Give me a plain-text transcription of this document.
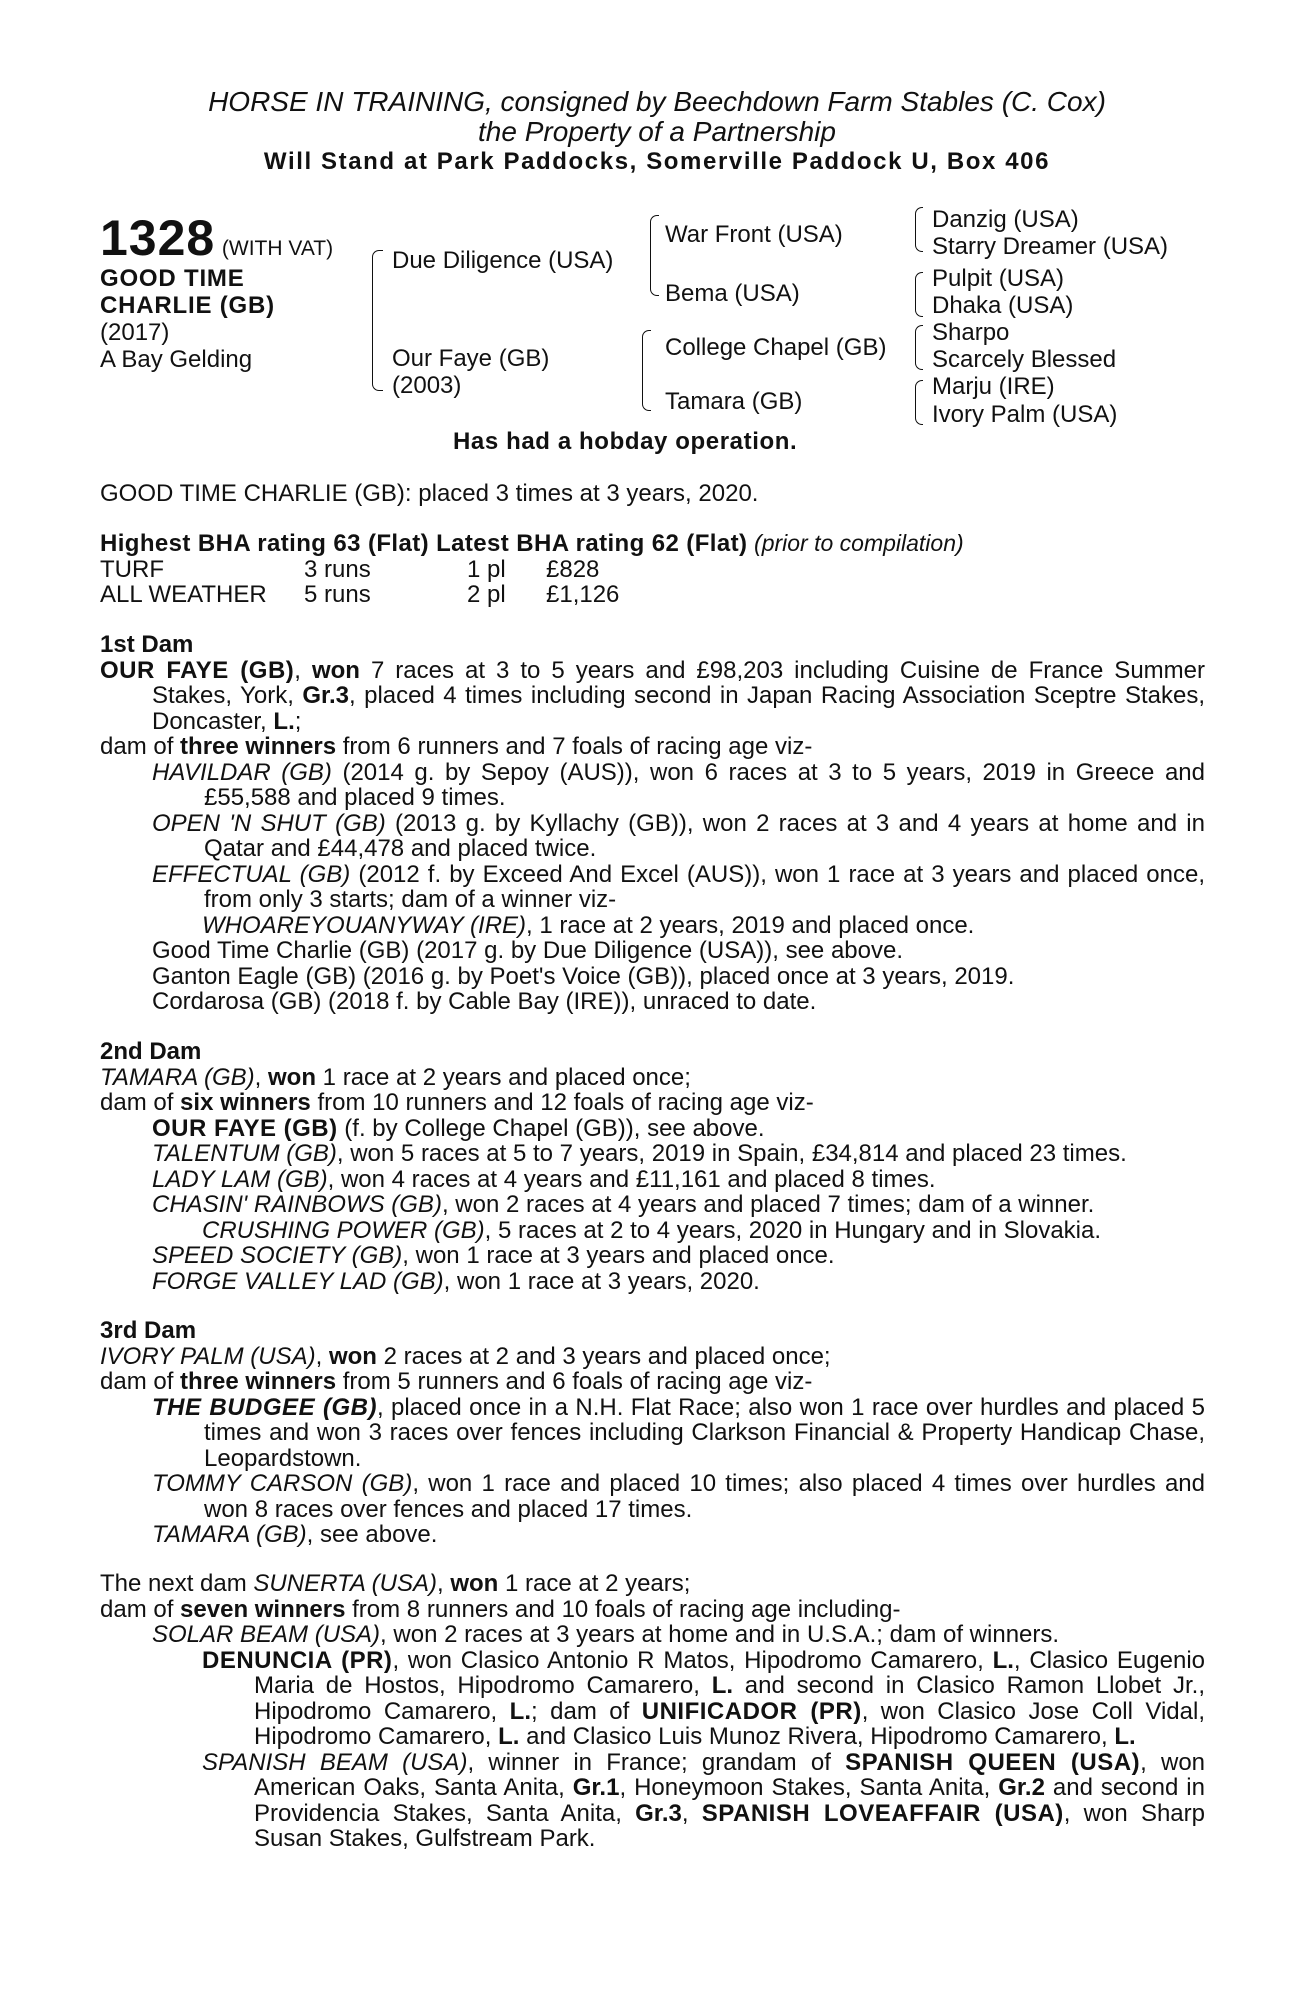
HORSE IN TRAINING, consigned by Beechdown Farm Stables (C. Cox)
the Property of a Partnership
Will Stand at Park Paddocks, Somerville Paddock U, Box 406
1328 (WITH VAT)
GOOD TIME
CHARLIE (GB)
(2017)
A Bay Gelding
Due Diligence (USA)
Our Faye (GB)
(2003)
War Front (USA)
Bema (USA)
College Chapel (GB)
Tamara (GB)
Danzig (USA)
Starry Dreamer (USA)
Pulpit (USA)
Dhaka (USA)
Sharpo
Scarcely Blessed
Marju (IRE)
Ivory Palm (USA)
Has had a hobday operation.
GOOD TIME CHARLIE (GB): placed 3 times at 3 years, 2020.
Highest BHA rating 63 (Flat) Latest BHA rating 62 (Flat) (prior to compilation)
TURF	3 runs	1 pl £828
ALL WEATHER 5 runs	2 pl £1,126

1st Dam

OUR FAYE (GB), won 7 races at 3 to 5 years and £98,203 including Cuisine de France Summer Stakes, York, Gr.3, placed 4 times including second in Japan Racing Association Sceptre Stakes, Doncaster, L.;

dam of three winners from 6 runners and 7 foals of racing age viz-

HAVILDAR (GB) (2014 g. by Sepoy (AUS)), won 6 races at 3 to 5 years, 2019 in Greece and £55,588 and placed 9 times.

OPEN 'N SHUT (GB) (2013 g. by Kyllachy (GB)), won 2 races at 3 and 4 years at home and in Qatar and £44,478 and placed twice.

EFFECTUAL (GB) (2012 f. by Exceed And Excel (AUS)), won 1 race at 3 years and placed once, from only 3 starts; dam of a winner viz-

WHOAREYOUANYWAY (IRE), 1 race at 2 years, 2019 and placed once.

Good Time Charlie (GB) (2017 g. by Due Diligence (USA)), see above.

Ganton Eagle (GB) (2016 g. by Poet's Voice (GB)), placed once at 3 years, 2019.

Cordarosa (GB) (2018 f. by Cable Bay (IRE)), unraced to date.

2nd Dam

TAMARA (GB), won 1 race at 2 years and placed once;

dam of six winners from 10 runners and 12 foals of racing age viz-

OUR FAYE (GB) (f. by College Chapel (GB)), see above.

TALENTUM (GB), won 5 races at 5 to 7 years, 2019 in Spain, £34,814 and placed 23 times.

LADY LAM (GB), won 4 races at 4 years and £11,161 and placed 8 times.

CHASIN' RAINBOWS (GB), won 2 races at 4 years and placed 7 times; dam of a winner.

CRUSHING POWER (GB), 5 races at 2 to 4 years, 2020 in Hungary and in Slovakia.

SPEED SOCIETY (GB), won 1 race at 3 years and placed once.

FORGE VALLEY LAD (GB), won 1 race at 3 years, 2020.

3rd Dam

IVORY PALM (USA), won 2 races at 2 and 3 years and placed once;

dam of three winners from 5 runners and 6 foals of racing age viz-

THE BUDGEE (GB), placed once in a N.H. Flat Race; also won 1 race over hurdles and placed 5 times and won 3 races over fences including Clarkson Financial & Property Handicap Chase, Leopardstown.

TOMMY CARSON (GB), won 1 race and placed 10 times; also placed 4 times over hurdles and won 8 races over fences and placed 17 times.

TAMARA (GB), see above.

The next dam SUNERTA (USA), won 1 race at 2 years;

dam of seven winners from 8 runners and 10 foals of racing age including-

SOLAR BEAM (USA), won 2 races at 3 years at home and in U.S.A.; dam of winners.

DENUNCIA (PR), won Clasico Antonio R Matos, Hipodromo Camarero, L., Clasico Eugenio Maria de Hostos, Hipodromo Camarero, L. and second in Clasico Ramon Llobet Jr., Hipodromo Camarero, L.; dam of UNIFICADOR (PR), won Clasico Jose Coll Vidal, Hipodromo Camarero, L. and Clasico Luis Munoz Rivera, Hipodromo Camarero, L.

SPANISH BEAM (USA), winner in France; grandam of SPANISH QUEEN (USA), won American Oaks, Santa Anita, Gr.1, Honeymoon Stakes, Santa Anita, Gr.2 and second in Providencia Stakes, Santa Anita, Gr.3, SPANISH LOVEAFFAIR (USA), won Sharp Susan Stakes, Gulfstream Park.
